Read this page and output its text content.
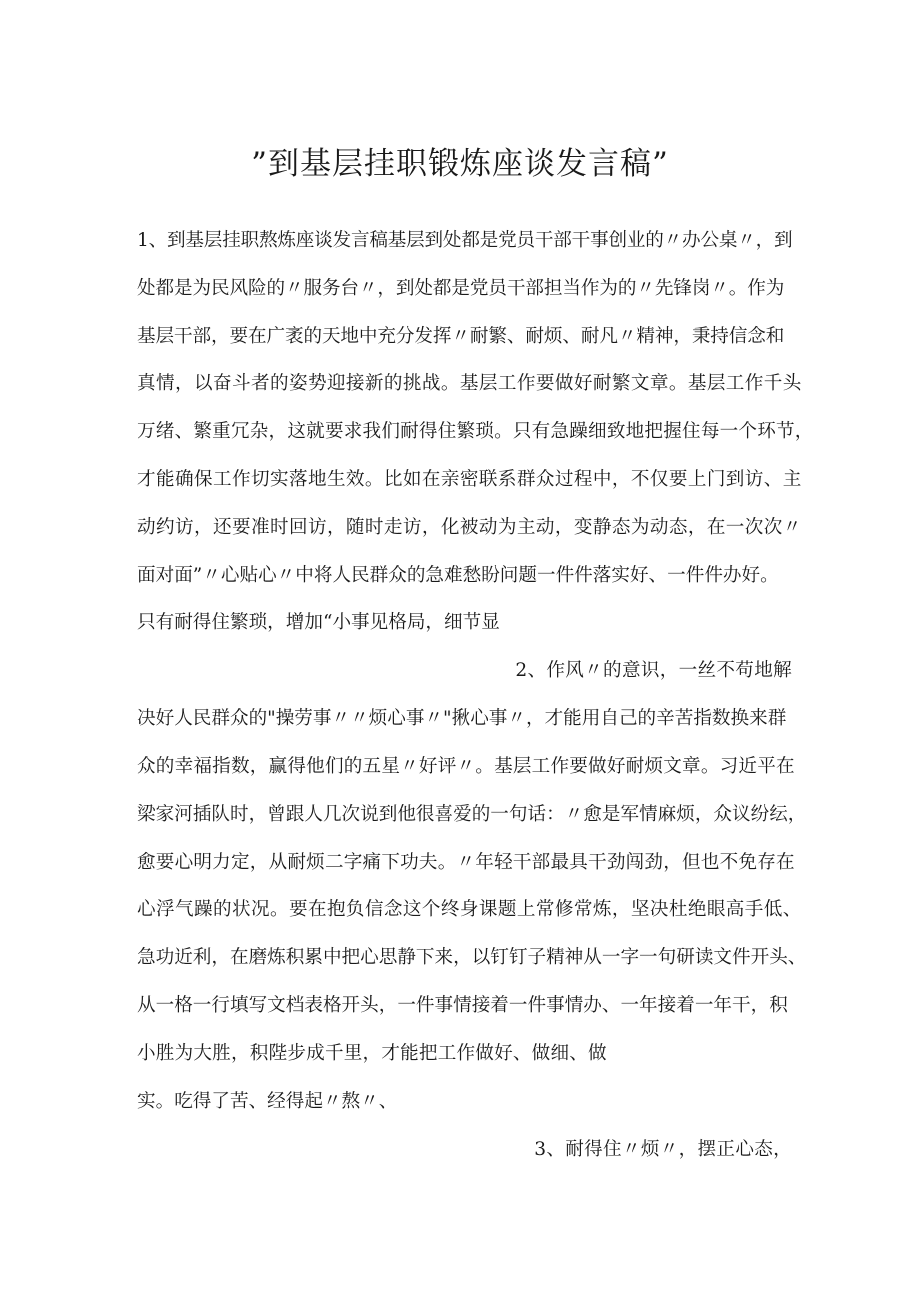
”到基层挂职锻炼座谈发言稿”
1、到基层挂职熬炼座谈发言稿基层到处都是党员干部干事创业的〃办公桌〃，到
处都是为民风险的〃服务台〃，到处都是党员干部担当作为的〃先锋岗〃。作为
基层干部，要在广袤的天地中充分发挥〃耐繁、耐烦、耐凡〃精神，秉持信念和
真情，以奋斗者的姿势迎接新的挑战。基层工作要做好耐繁文章。基层工作千头
万绪、繁重冗杂，这就要求我们耐得住繁琐。只有急躁细致地把握住每一个环节，
才能确保工作切实落地生效。比如在亲密联系群众过程中，不仅要上门到访、主
动约访，还要准时回访，随时走访，化被动为主动，变静态为动态，在一次次〃
面对面”〃心贴心〃中将人民群众的急难愁盼问题一件件落实好、一件件办好。
只有耐得住繁琐，增加“小事见格局，细节显
2、作风〃的意识，一丝不苟地解
决好人民群众的"操劳事〃〃烦心事〃"揪心事〃，才能用自己的辛苦指数换来群
众的幸福指数，赢得他们的五星〃好评〃。基层工作要做好耐烦文章。习近平在
梁家河插队时，曾跟人几次说到他很喜爱的一句话：〃愈是军情麻烦，众议纷纭，
愈要心明力定，从耐烦二字痛下功夫。〃年轻干部最具干劲闯劲，但也不免存在
心浮气躁的状况。要在抱负信念这个终身课题上常修常炼，坚决杜绝眼高手低、
急功近利，在磨炼积累中把心思静下来，以钉钉子精神从一字一句研读文件开头、
从一格一行填写文档表格开头，一件事情接着一件事情办、一年接着一年干，积
小胜为大胜，积陛步成千里，才能把工作做好、做细、做
实。吃得了苦、经得起〃熬〃、
3、耐得住〃烦〃，摆正心态，
